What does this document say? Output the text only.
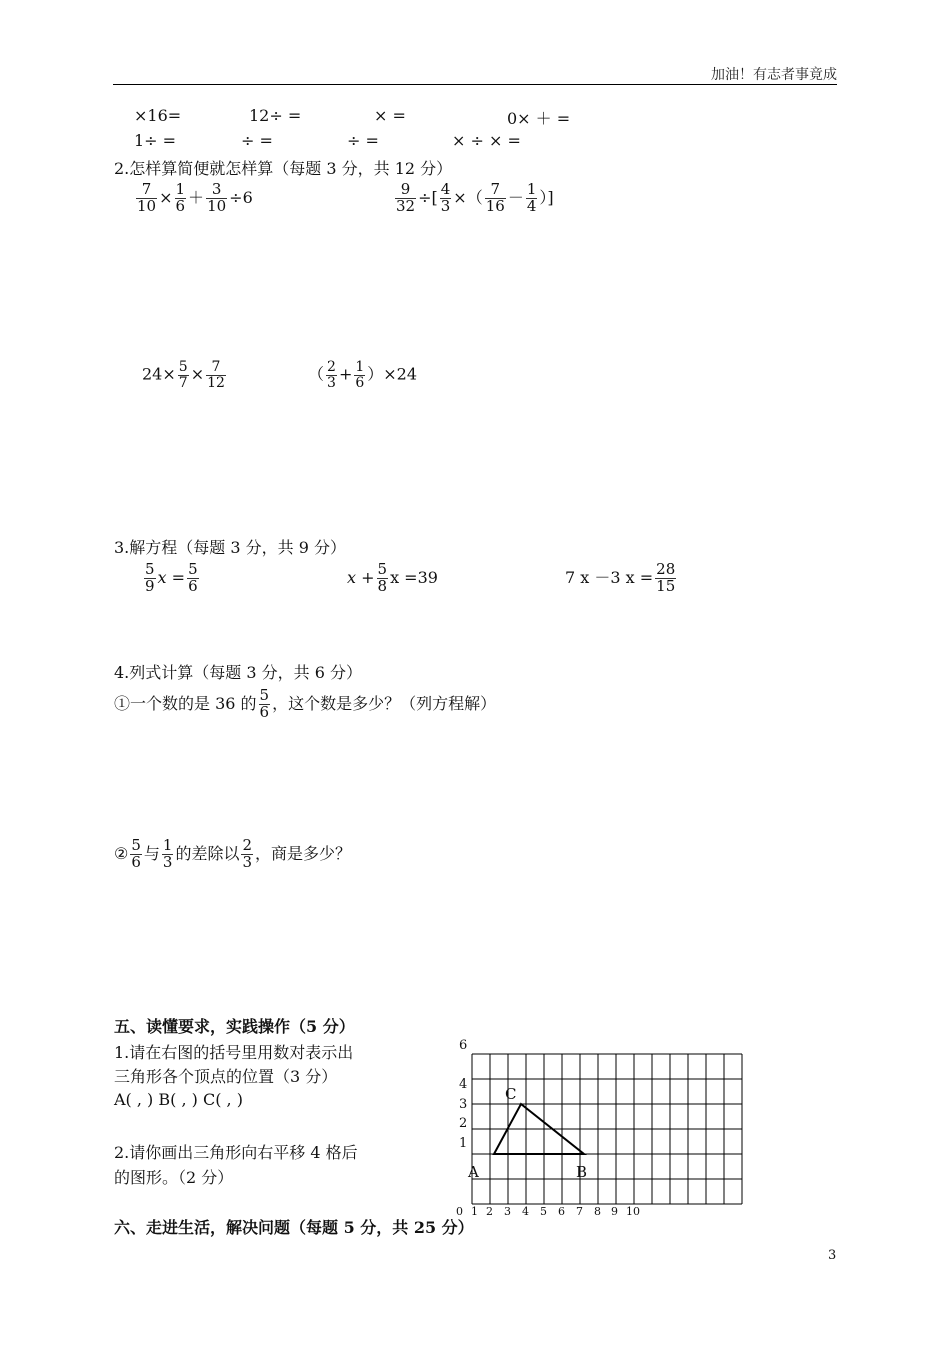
加油！有志者事竟成
×16=	12÷ =	× =	0× ＋ =
1÷ =	÷ =	÷ =	× ÷ × =
2.怎样算简便就怎样算（每题 3 分，共 12 分）
$\frac{7}{10} \times \frac{1}{6} + \frac{3}{10} \div 6$	$\frac{9}{32}$ ÷[ $\frac{4}{3}$ ×（ $\frac{7}{16} - \frac{1}{4}$ ）]
$24\times \frac{5}{7} \times \frac{7}{12}$	（ $\frac{2}{3} + \frac{1}{6} )\times 24$
3.解方程（每题 3 分，共 9 分）
$\frac{5}{9}$ $x = \frac{5}{6}$	$x + \frac{5}{8}$ x =39	7 x －3 $x = \frac{28}{15}$
4.列式计算（每题 3 分，共 6 分）
①一个数的是 36 的 $\frac{5}{6}$ ，这个数是多少？（列方程解）
② $\frac{5}{6}$ 与 $\frac{1}{3}$ 的差除以 $\frac{2}{3}$ ，商是多少？
五、读懂要求，实践操作（5 分）
1.请在右图的括号里用数对表示出
三角形各个顶点的位置（3 分）
A( , ) B( , ) C( , )
2.请你画出三角形向右平移 4 格后
的图形。（2 分）
6
4
3
2
1
0 1 2 3 4 5 6 7 8 9 10
A	B
C
六、走进生活，解决问题（每题 5 分，共 25 分）
3
